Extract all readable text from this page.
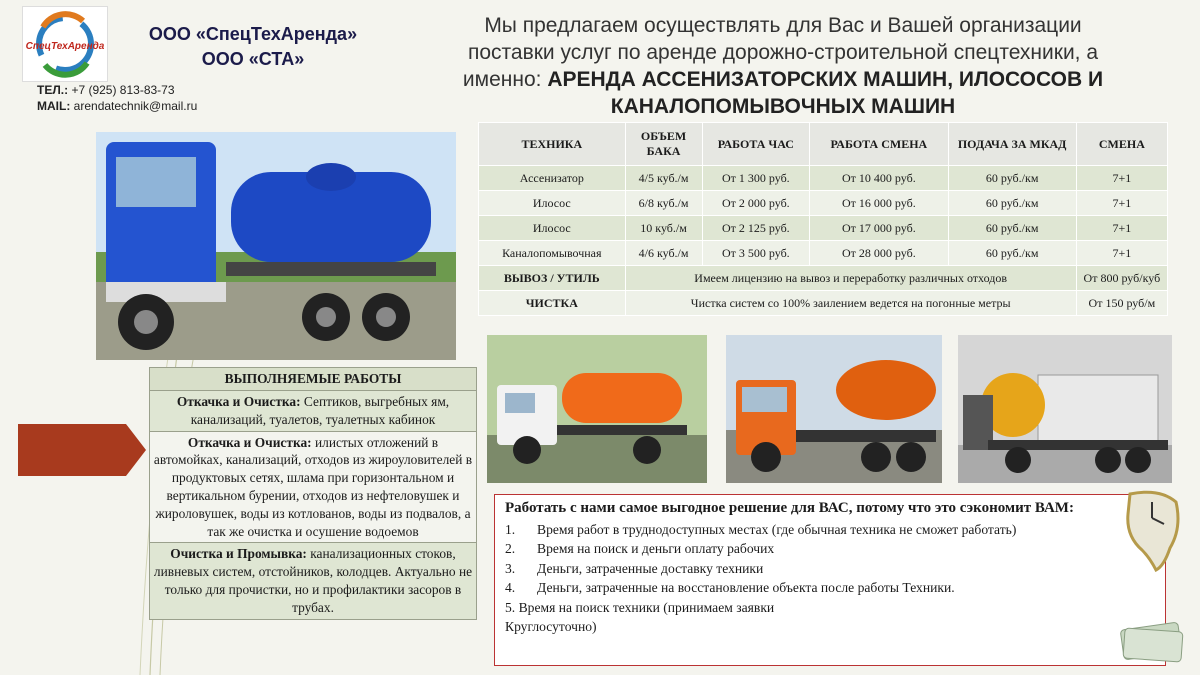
СпецТехАренда
ООО «СпецТехАренда»
ООО «СТА»
ТЕЛ.: +7 (925) 813-83-73
MAIL: arendatechnik@mail.ru
Мы предлагаем осуществлять для Вас и Вашей организации
поставки услуг по аренде дорожно-строительной спецтехники, а
именно: АРЕНДА АССЕНИЗАТОРСКИХ МАШИН, ИЛОСОСОВ И
КАНАЛОПОМЫВОЧНЫХ МАШИН
ТЕХНИКА	ОБЪЕМ БАКА	РАБОТА ЧАС	РАБОТА СМЕНА	ПОДАЧА ЗА МКАД	СМЕНА
Ассенизатор	4/5 куб./м	От 1 300 руб.	От 10 400 руб.	60 руб./км	7+1
Илосос	6/8 куб./м	От 2 000 руб.	От 16 000 руб.	60 руб./км	7+1
Илосос	10 куб./м	От 2 125 руб.	От 17 000 руб.	60 руб./км	7+1
Каналопомывочная	4/6 куб./м	От 3 500 руб.	От 28 000 руб.	60 руб./км	7+1
ВЫВОЗ / УТИЛЬ	Имеем лицензию на вывоз и переработку различных отходов				От 800 руб/куб
ЧИСТКА	Чистка систем со 100% заилением ведется на погонные метры				От 150 руб/м
ВЫПОЛНЯЕМЫЕ РАБОТЫ
Откачка и Очистка: Септиков, выгребных ям, канализаций, туалетов, туалетных кабинок
Откачка и Очистка: илистых отложений в автомойках, канализаций, отходов из жироуловителей в продуктовых сетях, шлама при горизонтальном и вертикальном бурении, отходов из нефтеловушек и жироловушек, воды из котлованов, воды из подвалов, а так же очистка и осушение водоемов
Очистка и Промывка: канализационных стоков, ливневых систем, отстойников, колодцев. Актуально не только для прочистки, но и профилактики засоров в трубах.
Работать с нами самое выгодное решение для ВАС, потому что это сэкономит ВАМ:
1. Время работ в труднодоступных местах (где обычная техника не сможет работать)
2. Время на поиск и деньги оплату рабочих
3. Деньги, затраченные доставку техники
4. Деньги, затраченные на восстановление объекта после работы Техники.
5. Время на поиск техники (принимаем заявки
Круглосуточно)
